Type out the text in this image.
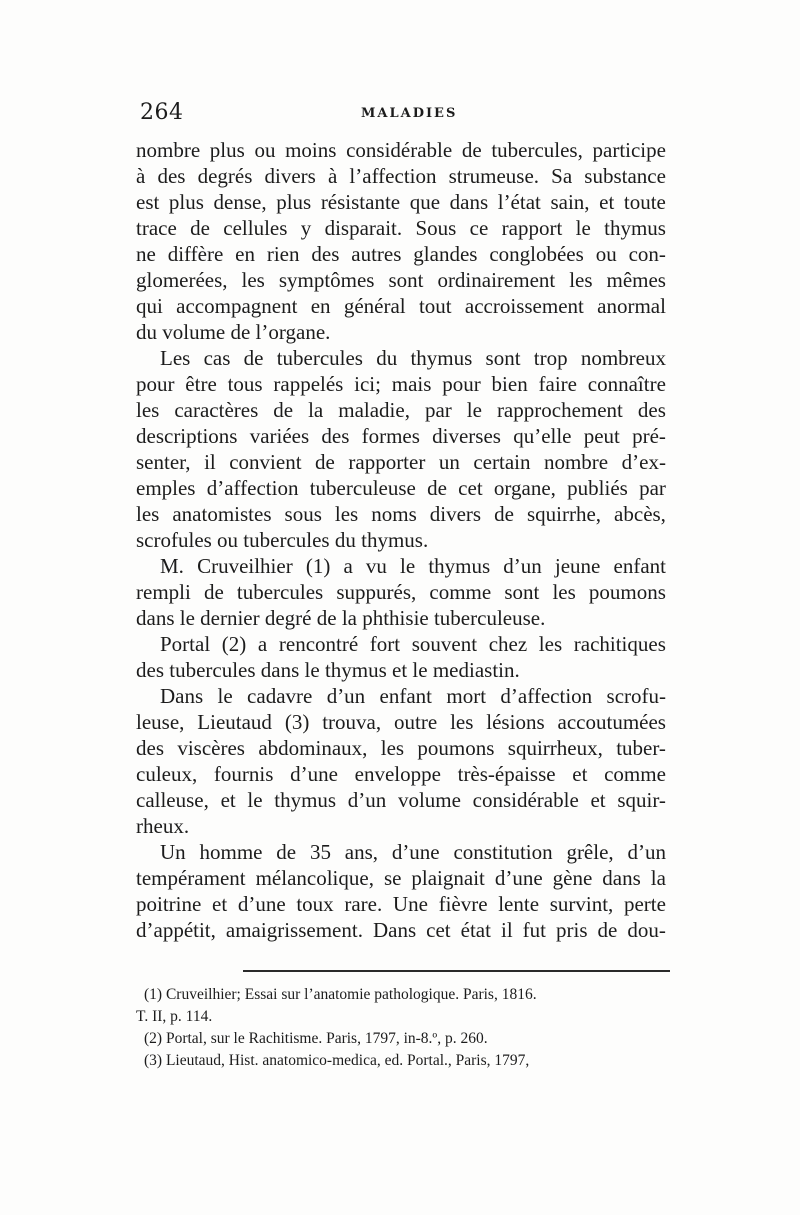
264	MALADIES
nombre plus ou moins considérable de tubercules, participe
à des degrés divers à l’affection strumeuse. Sa substance
est plus dense, plus résistante que dans l’état sain, et toute
trace de cellules y disparait. Sous ce rapport le thymus
ne diffère en rien des autres glandes conglobées ou con-
glomerées, les symptômes sont ordinairement les mêmes
qui accompagnent en général tout accroissement anormal
du volume de l’organe.
Les cas de tubercules du thymus sont trop nombreux
pour être tous rappelés ici; mais pour bien faire connaître
les caractères de la maladie, par le rapprochement des
descriptions variées des formes diverses qu’elle peut pré-
senter, il convient de rapporter un certain nombre d’ex-
emples d’affection tuberculeuse de cet organe, publiés par
les anatomistes sous les noms divers de squirrhe, abcès,
scrofules ou tubercules du thymus.
M. Cruveilhier (1) a vu le thymus d’un jeune enfant
rempli de tubercules suppurés, comme sont les poumons
dans le dernier degré de la phthisie tuberculeuse.
Portal (2) a rencontré fort souvent chez les rachitiques
des tubercules dans le thymus et le mediastin.
Dans le cadavre d’un enfant mort d’affection scrofu-
leuse, Lieutaud (3) trouva, outre les lésions accoutumées
des viscères abdominaux, les poumons squirrheux, tuber-
culeux, fournis d’une enveloppe très-épaisse et comme
calleuse, et le thymus d’un volume considérable et squir-
rheux.
Un homme de 35 ans, d’une constitution grêle, d’un
tempérament mélancolique, se plaignait d’une gène dans la
poitrine et d’une toux rare. Une fièvre lente survint, perte
d’appétit, amaigrissement. Dans cet état il fut pris de dou-
(1) Cruveilhier; Essai sur l’anatomie pathologique. Paris, 1816.
T. II, p. 114.
(2) Portal, sur le Rachitisme. Paris, 1797, in-8.º, p. 260.
(3) Lieutaud, Hist. anatomico-medica, ed. Portal., Paris, 1797,
